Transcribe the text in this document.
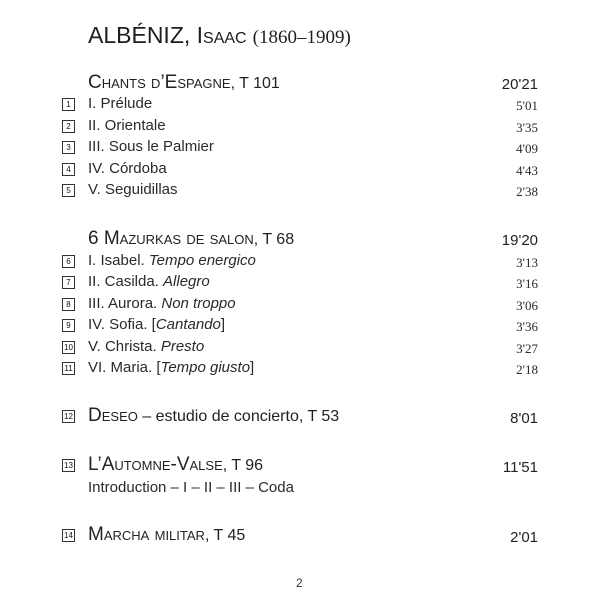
ALBÉNIZ, Isaac (1860–1909)
Chants d’Espagne, T 101	20'21
1 I. Prélude	5'01
2 II. Orientale	3'35
3 III. Sous le Palmier	4'09
4 IV. Córdoba	4'43
5 V. Seguidillas	2'38
6 Mazurkas de salon, T 68	19'20
6 I. Isabel. Tempo energico	3'13
7 II. Casilda. Allegro	3'16
8 III. Aurora. Non troppo	3'06
9 IV. Sofia. [Cantando]	3'36
10 V. Christa. Presto	3'27
11 VI. Maria. [Tempo giusto]	2'18
12 Deseo – estudio de concierto, T 53	8'01
13 L’Automne-Valse, T 96	11'51
Introduction – I – II – III – Coda
14 Marcha militar, T 45	2'01
2
